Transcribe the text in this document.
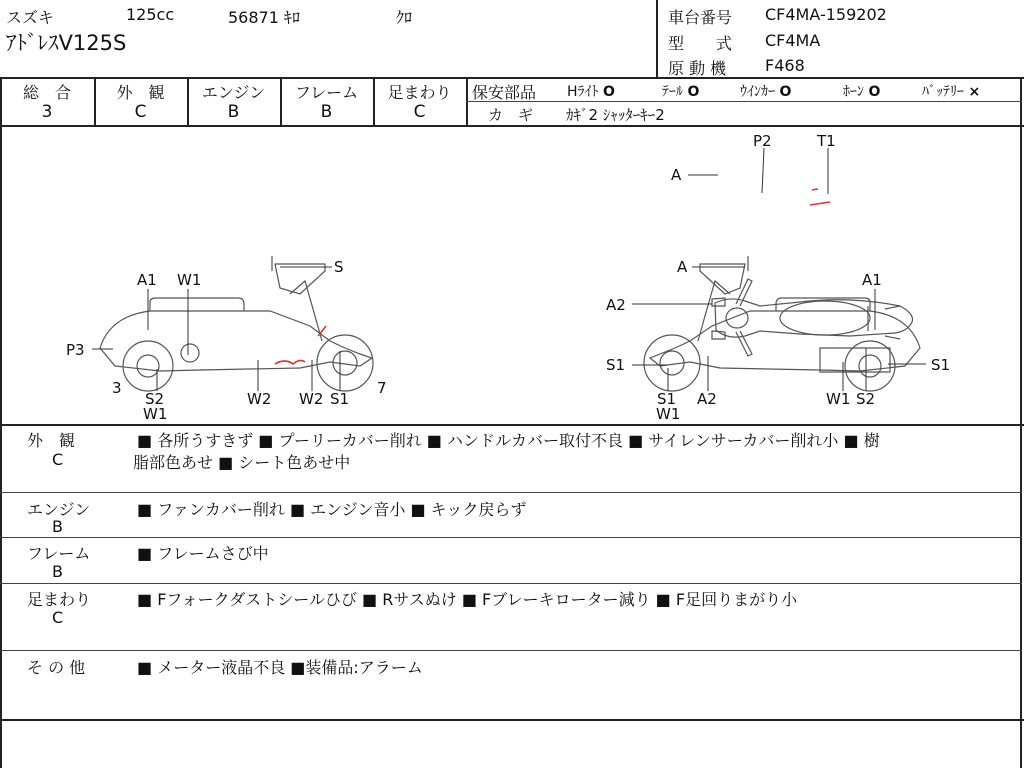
スズキ	125cc	56871 ｷﾛ	ｸﾛ
ｱﾄﾞﾚｽV125S
車台番号 CF4MA-159202
型　　式 CF4MA
原 動 機 F468
総　合
3
外　観
C
エンジン
B
フレーム
B
足まわり
C
保安部品 Hﾗｲﾄ O	ﾃｰﾙ O	ｳｲﾝｶｰ O	ﾎｰﾝ O	ﾊﾞｯﾃﾘｰ ×
カ　ギ ｶｷﾞ2 ｼｬｯﾀｰｷｰ2
A
P2	T1
S
A1 W1
P3
3
S2
W1
W2 W2 S1
7
A
A1
A2
S1
S1
W1
A2	W1 S2
S1
外　観
C
■ 各所うすきず ■ プーリーカバー削れ ■ ハンドルカバー取付不良 ■ サイレンサーカバー削れ小 ■ 樹
脂部色あせ ■ シート色あせ中
エンジン
B
■ ファンカバー削れ ■ エンジン音小 ■ キック戻らず
フレーム
B
■ フレームさび中
足まわり
C
■ Fフォークダストシールひび ■ Rサスぬけ ■ Fブレーキローター減り ■ F足回りまがり小
そ の 他	■ メーター液晶不良 ■装備品:アラーム
